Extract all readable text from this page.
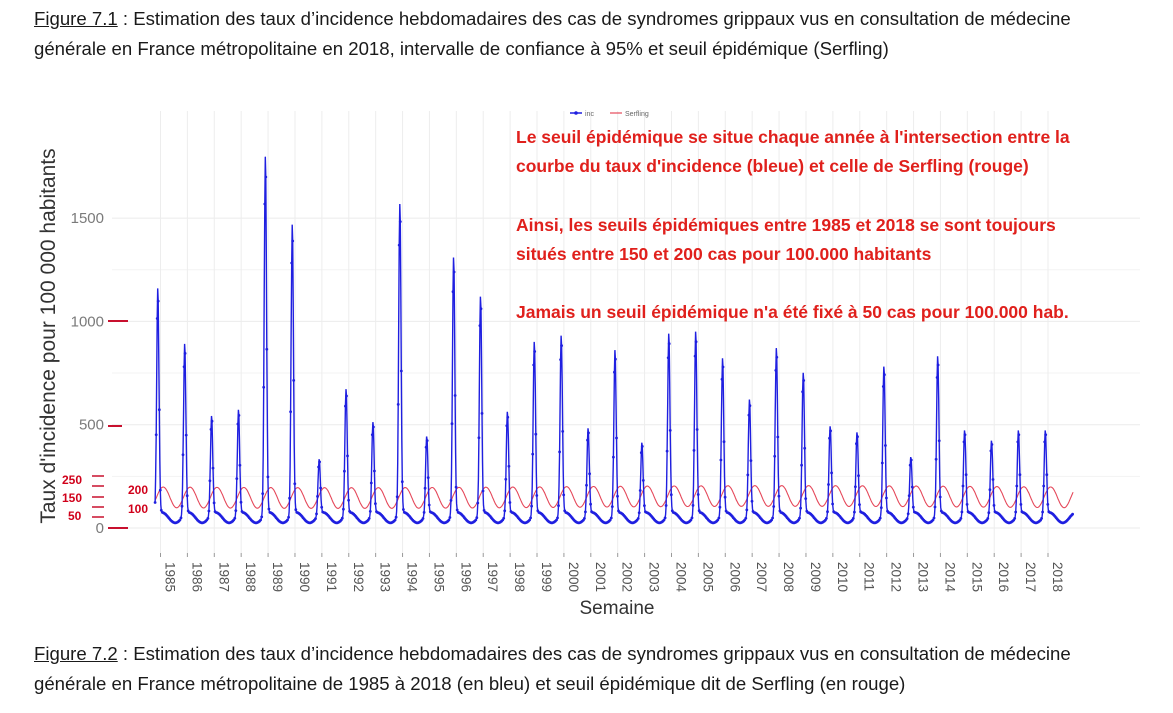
Figure 7.1 : Estimation des taux d’incidence hebdomadaires des cas de syndromes grippaux vus en consultation de médecine générale en France métropolitaine en 2018, intervalle de confiance à 95% et seuil épidémique (Serfling)
0
500
1000
1500
1985 1986 1987 1988 1989 1990 1991 1992 1993 1994 1995 1996 1997 1998 1999 2000 2001 2002 2003 2004 2005 2006 2007 2008 2009 2010 2011 2012 2013 2014 2015 2016 2017 2018
inc	Serfling
Taux d'incidence pour 100 000 habitants
Semaine
250
150
50
200
100
Le seuil épidémique se situe chaque année à l'intersection entre la
courbe du taux d'incidence (bleue) et celle de Serfling (rouge)
Ainsi, les seuils épidémiques entre 1985 et 2018 se sont toujours
situés entre 150 et 200 cas pour 100.000 habitants
Jamais un seuil épidémique n'a été fixé à 50 cas pour 100.000 hab.
Figure 7.2 : Estimation des taux d’incidence hebdomadaires des cas de syndromes grippaux vus en consultation de médecine générale en France métropolitaine de 1985 à 2018 (en bleu) et seuil épidémique dit de Serfling (en rouge)
